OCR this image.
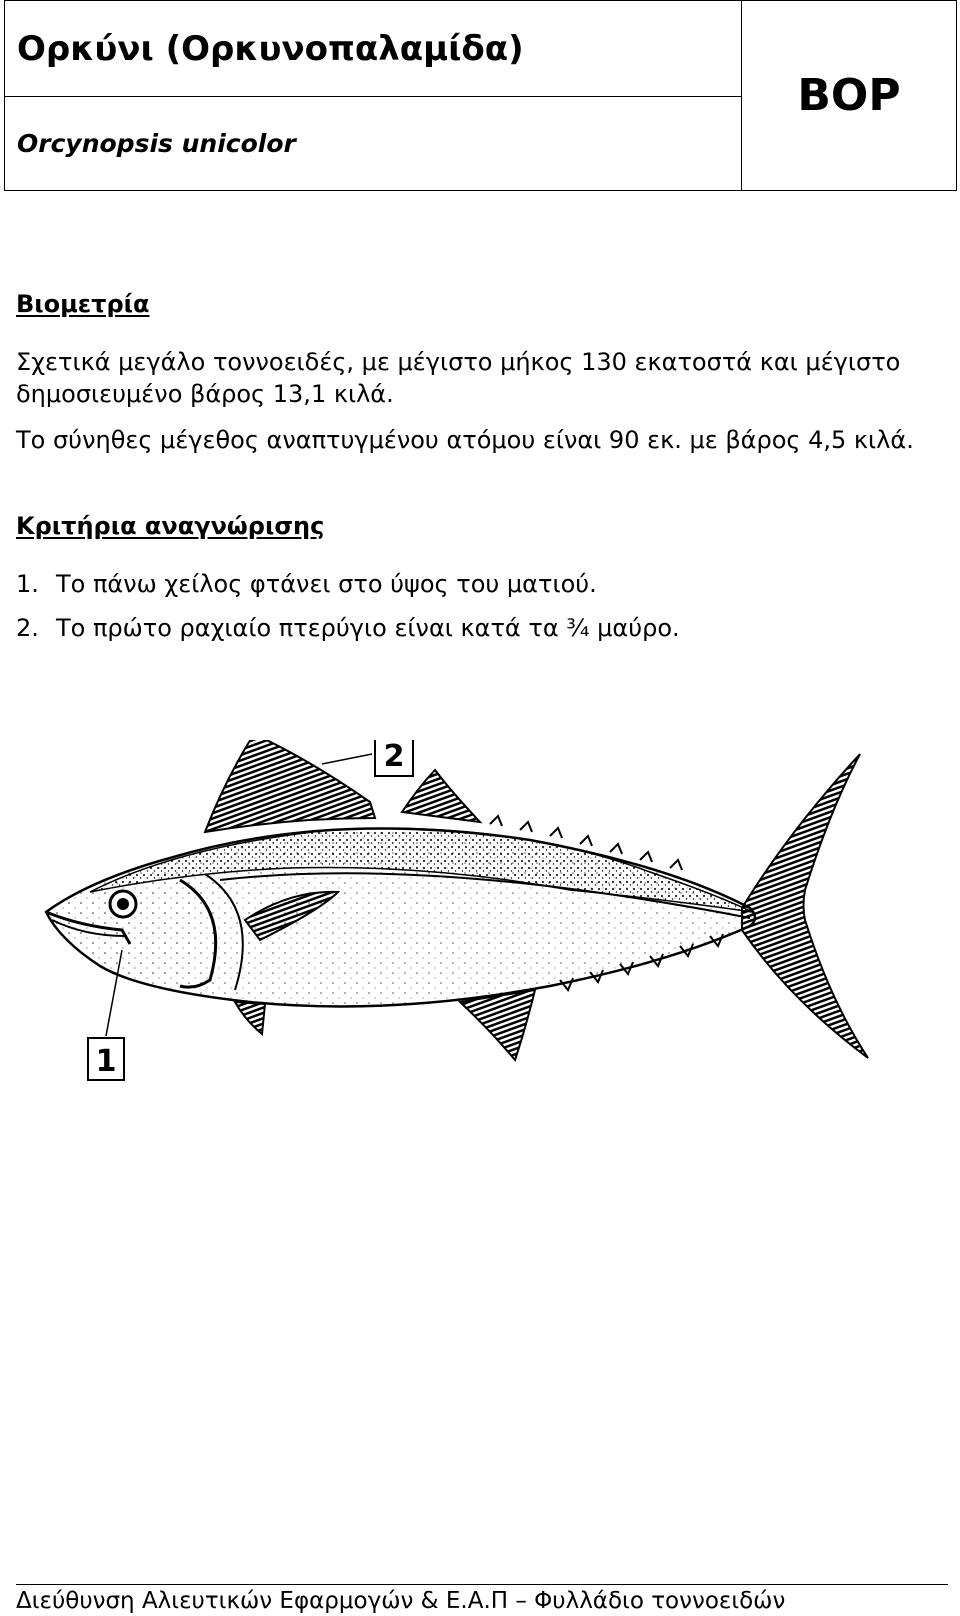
Ορκύνι (Ορκυνοπαλαμίδα)
Orcynopsis unicolor
BOP
Βιομετρία
Σχετικά μεγάλο τοννοειδές, με μέγιστο μήκος 130 εκατοστά και μέγιστο δημοσιευμένο βάρος 13,1 κιλά.
Το σύνηθες μέγεθος αναπτυγμένου ατόμου είναι 90 εκ. με βάρος 4,5 κιλά.
Κριτήρια αναγνώρισης
1. Το πάνω χείλος φτάνει στο ύψος του ματιού.
2. Το πρώτο ραχιαίο πτερύγιο είναι κατά τα ¾ μαύρο.
2
1
Διεύθυνση Αλιευτικών Εφαρμογών & Ε.Α.Π – Φυλλάδιο τοννοειδών
